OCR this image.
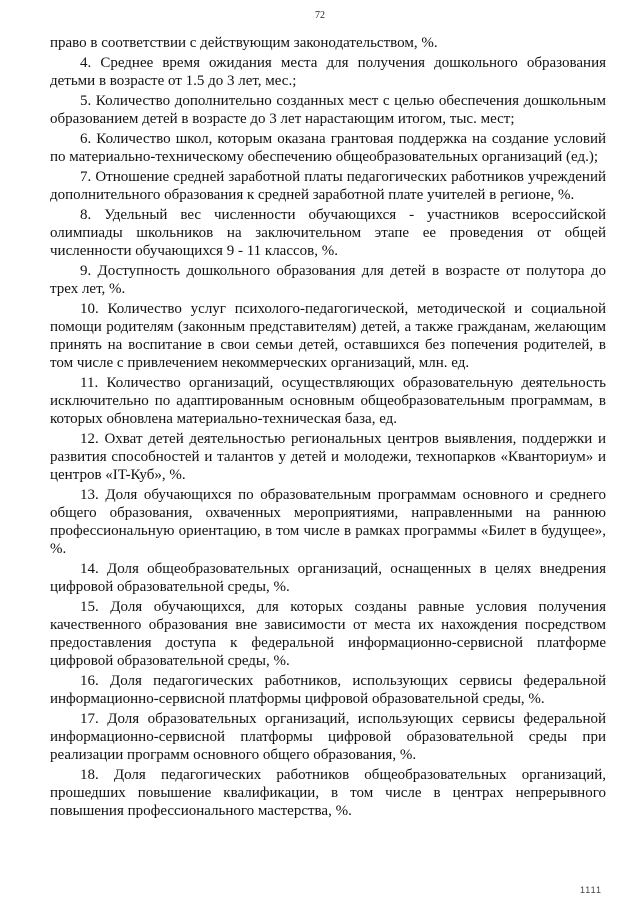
72

право в соответствии с действующим законодательством, %.

4. Среднее время ожидания места для получения дошкольного образования детьми в возрасте от 1.5 до 3 лет, мес.;

5. Количество дополнительно созданных мест с целью обеспечения дошкольным образованием детей в возрасте до 3 лет нарастающим итогом, тыс. мест;

6. Количество школ, которым оказана грантовая поддержка на создание условий по материально-техническому обеспечению общеобразовательных организаций (ед.);

7. Отношение средней заработной платы педагогических работников учреждений дополнительного образования к средней заработной плате учителей в регионе, %.

8. Удельный вес численности обучающихся - участников всероссийской олимпиады школьников на заключительном этапе ее проведения от общей численности обучающихся 9 - 11 классов, %.

9. Доступность дошкольного образования для детей в возрасте от полутора до трех лет, %.

10. Количество услуг психолого-педагогической, методической и социальной помощи родителям (законным представителям) детей, а также гражданам, желающим принять на воспитание в свои семьи детей, оставшихся без попечения родителей, в том числе с привлечением некоммерческих организаций, млн. ед.

11. Количество организаций, осуществляющих образовательную деятельность исключительно по адаптированным основным общеобразовательным программам, в которых обновлена материально-техническая база, ед.

12. Охват детей деятельностью региональных центров выявления, поддержки и развития способностей и талантов у детей и молодежи, технопарков «Кванториум» и центров «IT-Куб», %.

13. Доля обучающихся по образовательным программам основного и среднего общего образования, охваченных мероприятиями, направленными на раннюю профессиональную ориентацию, в том числе в рамках программы «Билет в будущее», %.

14. Доля общеобразовательных организаций, оснащенных в целях внедрения цифровой образовательной среды, %.

15. Доля обучающихся, для которых созданы равные условия получения качественного образования вне зависимости от места их нахождения посредством предоставления доступа к федеральной информационно-сервисной платформе цифровой образовательной среды, %.

16. Доля педагогических работников, использующих сервисы федеральной информационно-сервисной платформы цифровой образовательной среды, %.

17. Доля образовательных организаций, использующих сервисы федеральной информационно-сервисной платформы цифровой образовательной среды при реализации программ основного общего образования, %.

18. Доля педагогических работников общеобразовательных организаций, прошедших повышение квалификации, в том числе в центрах непрерывного повышения профессионального мастерства, %.

1111
